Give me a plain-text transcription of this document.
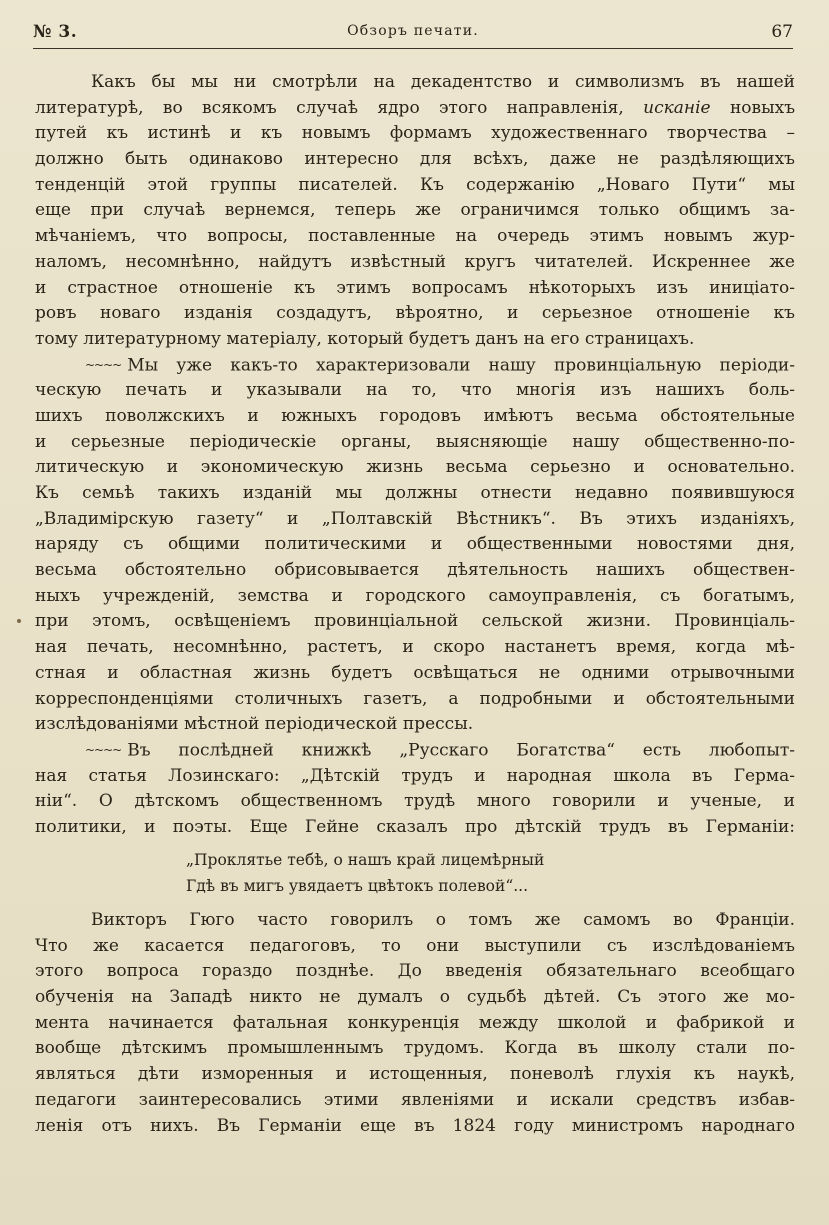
№ 3.	Обзоръ печати.	67
Какъ бы мы ни смотрѣли на декадентство и символизмъ въ нашей
литературѣ, во всякомъ случаѣ ядро этого направленія, исканіе новыхъ
путей къ истинѣ и къ новымъ формамъ художественнаго творчества –
должно быть одинаково интересно для всѣхъ, даже не раздѣляющихъ
тенденцій этой группы писателей. Къ содержанію „Новаго Пути“ мы
еще при случаѣ вернемся, теперь же ограничимся только общимъ за-
мѣчаніемъ, что вопросы, поставленные на очередь этимъ новымъ жур-
наломъ, несомнѣнно, найдутъ извѣстный кругъ читателей. Искреннее же
и страстное отношеніе къ этимъ вопросамъ нѣкоторыхъ изъ иниціато-
ровъ новаго изданія создадутъ, вѣроятно, и серьезное отношеніе къ
тому литературному матеріалу, который будетъ данъ на его страницахъ.
~~~~ Мы уже какъ-то характеризовали нашу провинціальную періоди-
ческую печать и указывали на то, что многія изъ нашихъ боль-
шихъ поволжскихъ и южныхъ городовъ имѣютъ весьма обстоятельные
и серьезные періодическіе органы, выясняющіе нашу общественно-по-
литическую и экономическую жизнь весьма серьезно и основательно.
Къ семьѣ такихъ изданій мы должны отнести недавно появившуюся
„Владимірскую газету“ и „Полтавскій Вѣстникъ“. Въ этихъ изданіяхъ,
наряду съ общими политическими и общественными новостями дня,
весьма обстоятельно обрисовывается дѣятельность нашихъ обществен-
ныхъ учрежденій, земства и городского самоуправленія, съ богатымъ,
при этомъ, освѣщеніемъ провинціальной сельской жизни. Провинціаль-
ная печать, несомнѣнно, растетъ, и скоро настанетъ время, когда мѣ-
стная и областная жизнь будетъ освѣщаться не одними отрывочными
корреспонденціями столичныхъ газетъ, а подробными и обстоятельными
изслѣдованіями мѣстной періодической прессы.
~~~~ Въ послѣдней книжкѣ „Русскаго Богатства“ есть любопыт-
ная статья Лозинскаго: „Дѣтскій трудъ и народная школа въ Герма-
ніи“. О дѣтскомъ общественномъ трудѣ много говорили и ученые, и
политики, и поэты. Еще Гейне сказалъ про дѣтскій трудъ въ Германіи:
„Проклятье тебѣ, о нашъ край лицемѣрный
Гдѣ въ мигъ увядаетъ цвѣтокъ полевой“...
Викторъ Гюго часто говорилъ о томъ же самомъ во Франціи.
Что же касается педагоговъ, то они выступили съ изслѣдованіемъ
этого вопроса гораздо позднѣе. До введенія обязательнаго всеобщаго
обученія на Западѣ никто не думалъ о судьбѣ дѣтей. Съ этого же мо-
мента начинается фатальная конкуренція между школой и фабрикой и
вообще дѣтскимъ промышленнымъ трудомъ. Когда въ школу стали по-
являться дѣти измоpенныя и истощенныя, поневолѣ глухія къ наукѣ,
педагоги заинтересовались этими явленіями и искали средствъ избав-
ленія отъ нихъ. Въ Германіи еще въ 1824 году министромъ народнаго
